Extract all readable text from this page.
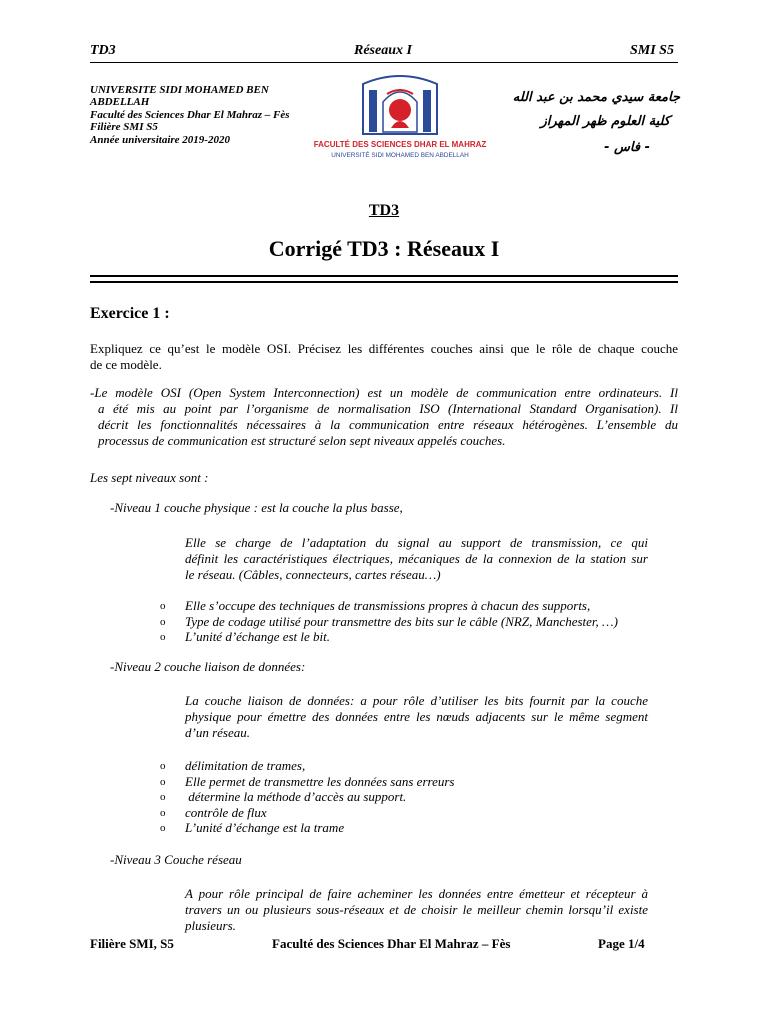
TD3	Réseaux I	SMI S5
UNIVERSITE SIDI MOHAMED BEN
ABDELLAH
Faculté des Sciences Dhar El Mahraz – Fès
Filière SMI S5
Année universitaire 2019-2020	FACULTÉ DES SCIENCES DHAR EL MAHRAZ
UNIVERSITÉ SIDI MOHAMED BEN ABDELLAH
جامعة سيدي محمد بن عبد الله
كلية العلوم ظهر المهراز
- فاس -
TD3
Corrigé TD3 : Réseaux I
Exercice 1 :
Expliquez ce qu’est le modèle OSI. Précisez les différentes couches ainsi que le rôle de chaque couche
de ce modèle.
-Le modèle OSI (Open System Interconnection) est un modèle de communication entre ordinateurs. Il
a été mis au point par l’organisme de normalisation ISO (International Standard Organisation). Il
décrit les fonctionnalités nécessaires à la communication entre réseaux hétérogènes. L’ensemble du
processus de communication est structuré selon sept niveaux appelés couches.
Les sept niveaux sont :
-Niveau 1 couche physique : est la couche la plus basse,
Elle se charge de l’adaptation du signal au support de transmission, ce qui
définit les caractéristiques électriques, mécaniques de la connexion de la station sur
le réseau. (Câbles, connecteurs, cartes réseau…)
o Elle s’occupe des techniques de transmissions propres à chacun des supports,
o Type de codage utilisé pour transmettre des bits sur le câble (NRZ, Manchester, …)
o L’unité d’échange est le bit.
-Niveau 2 couche liaison de données:
La couche liaison de données: a pour rôle d’utiliser les bits fournit par la couche
physique pour émettre des données entre les nœuds adjacents sur le même segment
d’un réseau.
o délimitation de trames,
o Elle permet de transmettre les données sans erreurs
o détermine la méthode d’accès au support.
o contrôle de flux
o L’unité d’échange est la trame
-Niveau 3 Couche réseau
A pour rôle principal de faire acheminer les données entre émetteur et récepteur à
travers un ou plusieurs sous-réseaux et de choisir le meilleur chemin lorsqu’il existe
plusieurs.
Filière SMI, S5	Faculté des Sciences Dhar El Mahraz – Fès	Page 1/4
